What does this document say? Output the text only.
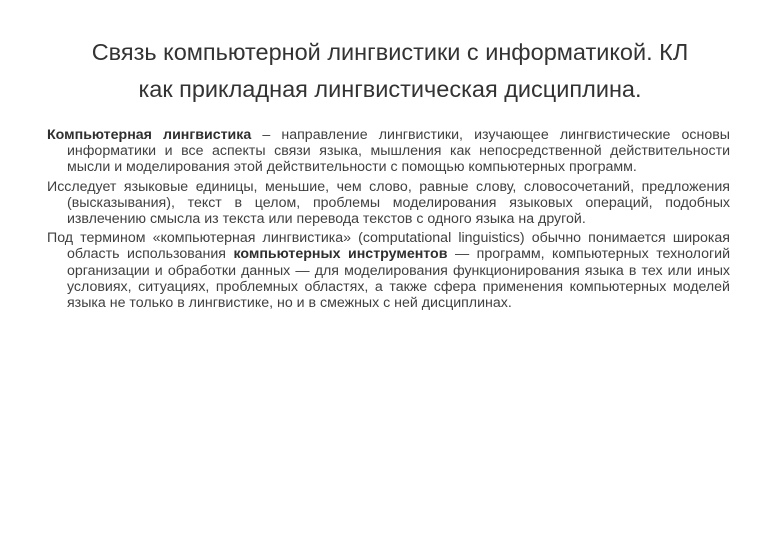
Связь компьютерной лингвистики с информатикой. КЛ
как прикладная лингвистическая дисциплина.

Компьютерная лингвистика – направление лингвистики, изучающее лингвистические основы информатики и все аспекты связи языка, мышления как непосредственной действительности мысли и моделирования этой действительности с помощью компьютерных программ.

Исследует языковые единицы, меньшие, чем слово, равные слову, словосочетаний, предложения (высказывания), текст в целом, проблемы моделирования языковых операций, подобных извлечению смысла из текста или перевода текстов с одного языка на другой.

Под термином «компьютерная лингвистика» (computational linguistics) обычно понимается широкая область использования компьютерных инструментов — программ, компьютерных технологий организации и обработки данных — для моделирования функционирования языка в тех или иных условиях, ситуациях, проблемных областях, а также сфера применения компьютерных моделей языка не только в лингвистике, но и в смежных с ней дисциплинах.
